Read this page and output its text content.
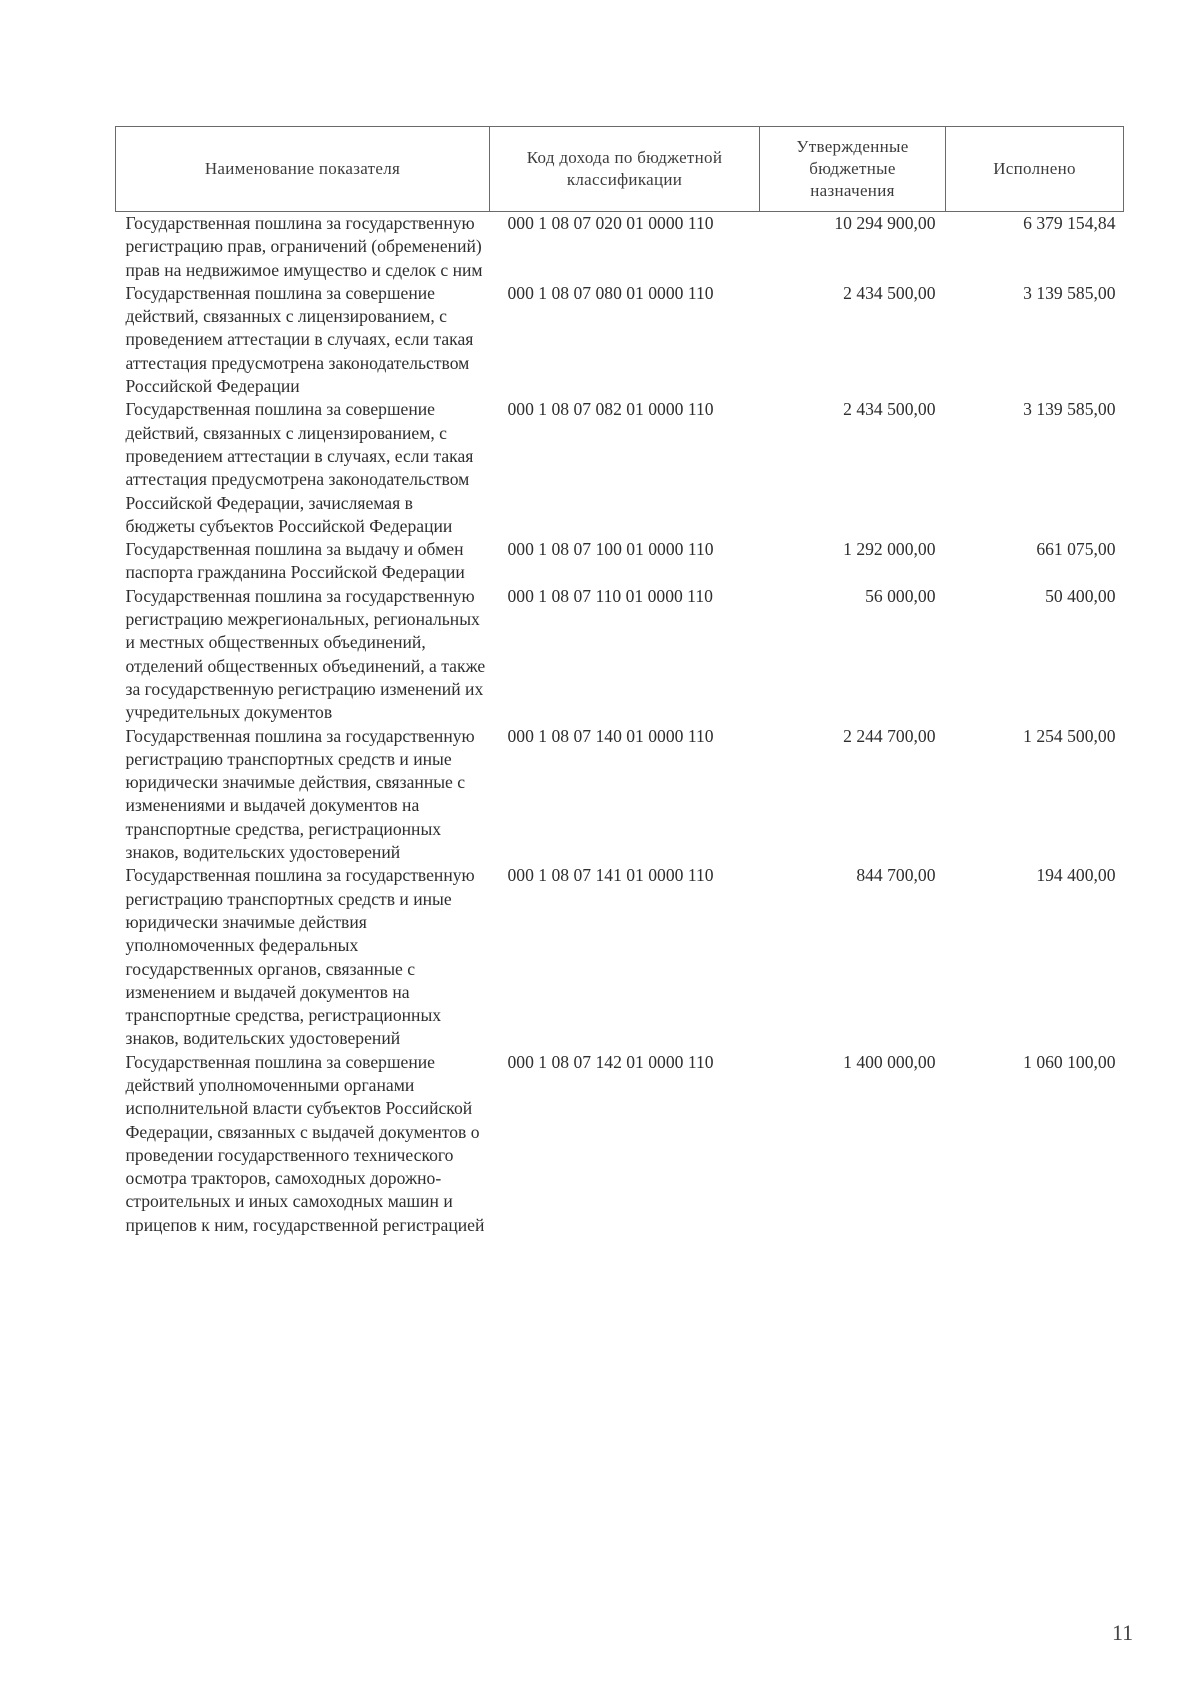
Наименование показателя	Код дохода по бюджетной классификации	Утвержденные бюджетные назначения	Исполнено
Государственная пошлина за государственную регистрацию прав, ограничений (обременений) прав на недвижимое имущество и сделок с ним	000 1 08 07 020 01 0000 110	10 294 900,00	6 379 154,84
Государственная пошлина за совершение действий, связанных с лицензированием, с проведением аттестации в случаях, если такая аттестация предусмотрена законодательством Российской Федерации	000 1 08 07 080 01 0000 110	2 434 500,00	3 139 585,00
Государственная пошлина за совершение действий, связанных с лицензированием, с проведением аттестации в случаях, если такая аттестация предусмотрена законодательством Российской Федерации, зачисляемая в бюджеты субъектов Российской Федерации	000 1 08 07 082 01 0000 110	2 434 500,00	3 139 585,00
Государственная пошлина за выдачу и обмен паспорта гражданина Российской Федерации	000 1 08 07 100 01 0000 110	1 292 000,00	661 075,00
Государственная пошлина за государственную регистрацию межрегиональных, региональных и местных общественных объединений, отделений общественных объединений, а также за государственную регистрацию изменений их учредительных документов	000 1 08 07 110 01 0000 110	56 000,00	50 400,00
Государственная пошлина за государственную регистрацию транспортных средств и иные юридически значимые действия, связанные с изменениями и выдачей документов на транспортные средства, регистрационных знаков, водительских удостоверений	000 1 08 07 140 01 0000 110	2 244 700,00	1 254 500,00
Государственная пошлина за государственную регистрацию транспортных средств и иные юридически значимые действия уполномоченных федеральных государственных органов, связанные с изменением и выдачей документов на транспортные средства, регистрационных знаков, водительских удостоверений	000 1 08 07 141 01 0000 110	844 700,00	194 400,00
Государственная пошлина за совершение действий уполномоченными органами исполнительной власти субъектов Российской Федерации, связанных с выдачей документов о проведении государственного технического осмотра тракторов, самоходных дорожно-строительных и иных самоходных машин и прицепов к ним, государственной регистрацией	000 1 08 07 142 01 0000 110	1 400 000,00	1 060 100,00
11
